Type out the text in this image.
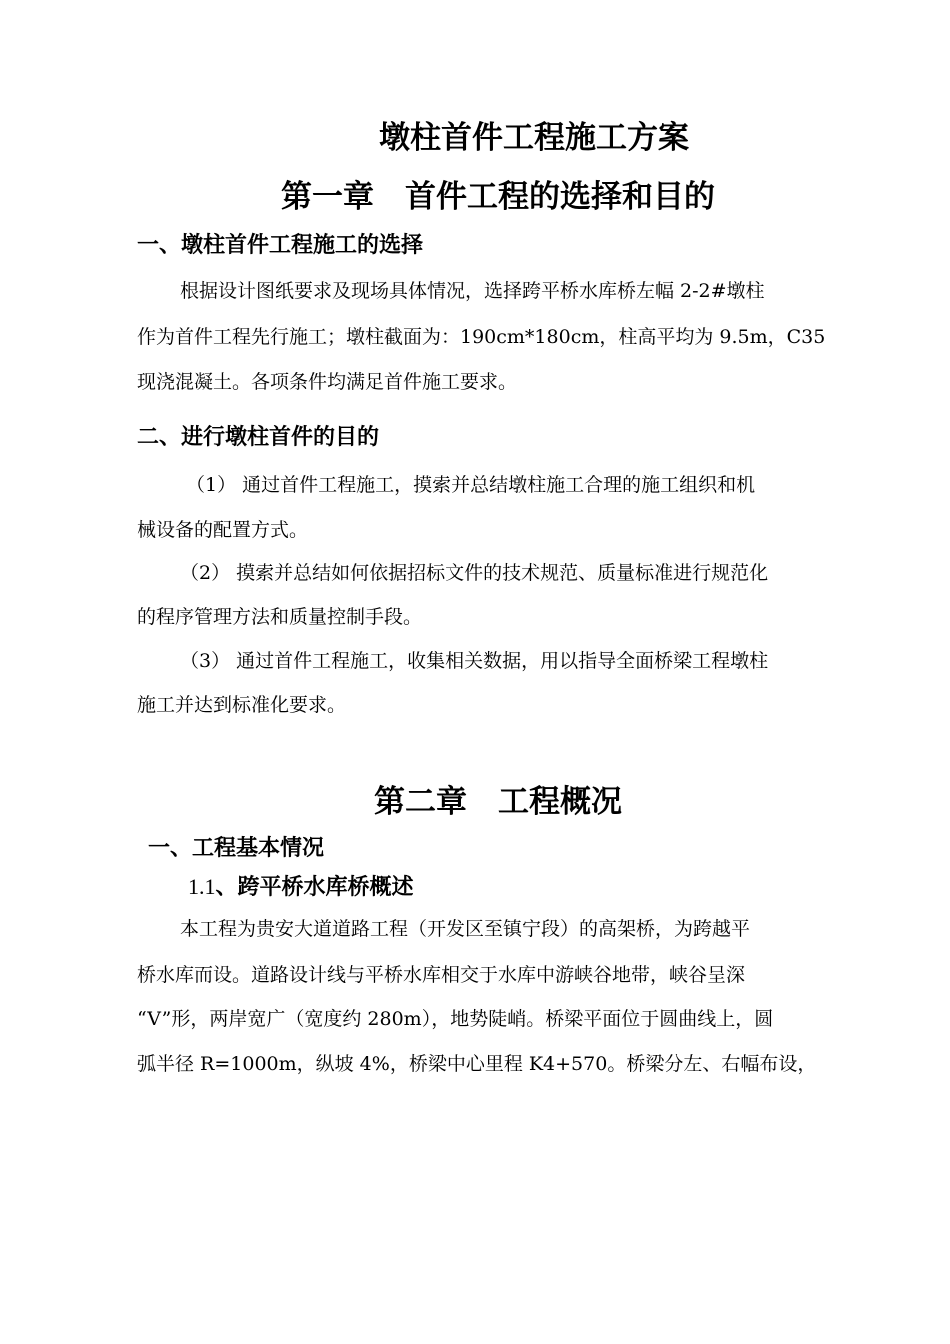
墩柱首件工程施工方案
第一章　首件工程的选择和目的
一、墩柱首件工程施工的选择
根据设计图纸要求及现场具体情况，选择跨平桥水库桥左幅 2-2#墩柱
作为首件工程先行施工；墩柱截面为：190cm*180cm，柱高平均为 9.5m，C35
现浇混凝土。各项条件均满足首件施工要求。
二、进行墩柱首件的目的
（1） 通过首件工程施工，摸索并总结墩柱施工合理的施工组织和机
械设备的配置方式。
（2） 摸索并总结如何依据招标文件的技术规范、质量标准进行规范化
的程序管理方法和质量控制手段。
（3） 通过首件工程施工，收集相关数据，用以指导全面桥梁工程墩柱
施工并达到标准化要求。
第二章　工程概况
一、工程基本情况
1.1、跨平桥水库桥概述
本工程为贵安大道道路工程（开发区至镇宁段）的高架桥，为跨越平
桥水库而设。道路设计线与平桥水库相交于水库中游峡谷地带，峡谷呈深
“V”形，两岸宽广（宽度约 280m），地势陡峭。桥梁平面位于圆曲线上，圆
弧半径 R=1000m，纵坡 4%，桥梁中心里程 K4+570。桥梁分左、右幅布设，
